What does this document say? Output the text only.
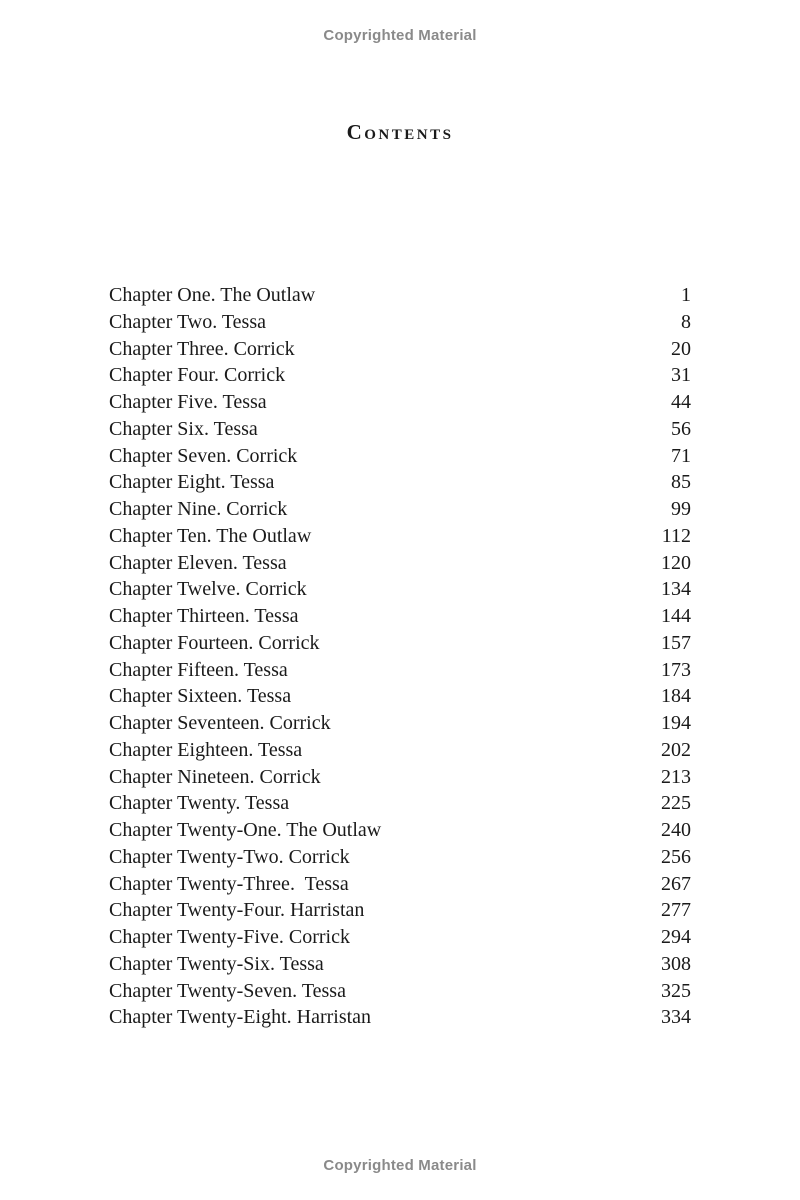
Copyrighted Material
Contents
Chapter One. The Outlaw	1
Chapter Two. Tessa	8
Chapter Three. Corrick	20
Chapter Four. Corrick	31
Chapter Five. Tessa	44
Chapter Six. Tessa	56
Chapter Seven. Corrick	71
Chapter Eight. Tessa	85
Chapter Nine. Corrick	99
Chapter Ten. The Outlaw	112
Chapter Eleven. Tessa	120
Chapter Twelve. Corrick	134
Chapter Thirteen. Tessa	144
Chapter Fourteen. Corrick	157
Chapter Fifteen. Tessa	173
Chapter Sixteen. Tessa	184
Chapter Seventeen. Corrick	194
Chapter Eighteen. Tessa	202
Chapter Nineteen. Corrick	213
Chapter Twenty. Tessa	225
Chapter Twenty-One. The Outlaw	240
Chapter Twenty-Two. Corrick	256
Chapter Twenty-Three.  Tessa	267
Chapter Twenty-Four. Harristan	277
Chapter Twenty-Five. Corrick	294
Chapter Twenty-Six. Tessa	308
Chapter Twenty-Seven. Tessa	325
Chapter Twenty-Eight. Harristan	334
Copyrighted Material
